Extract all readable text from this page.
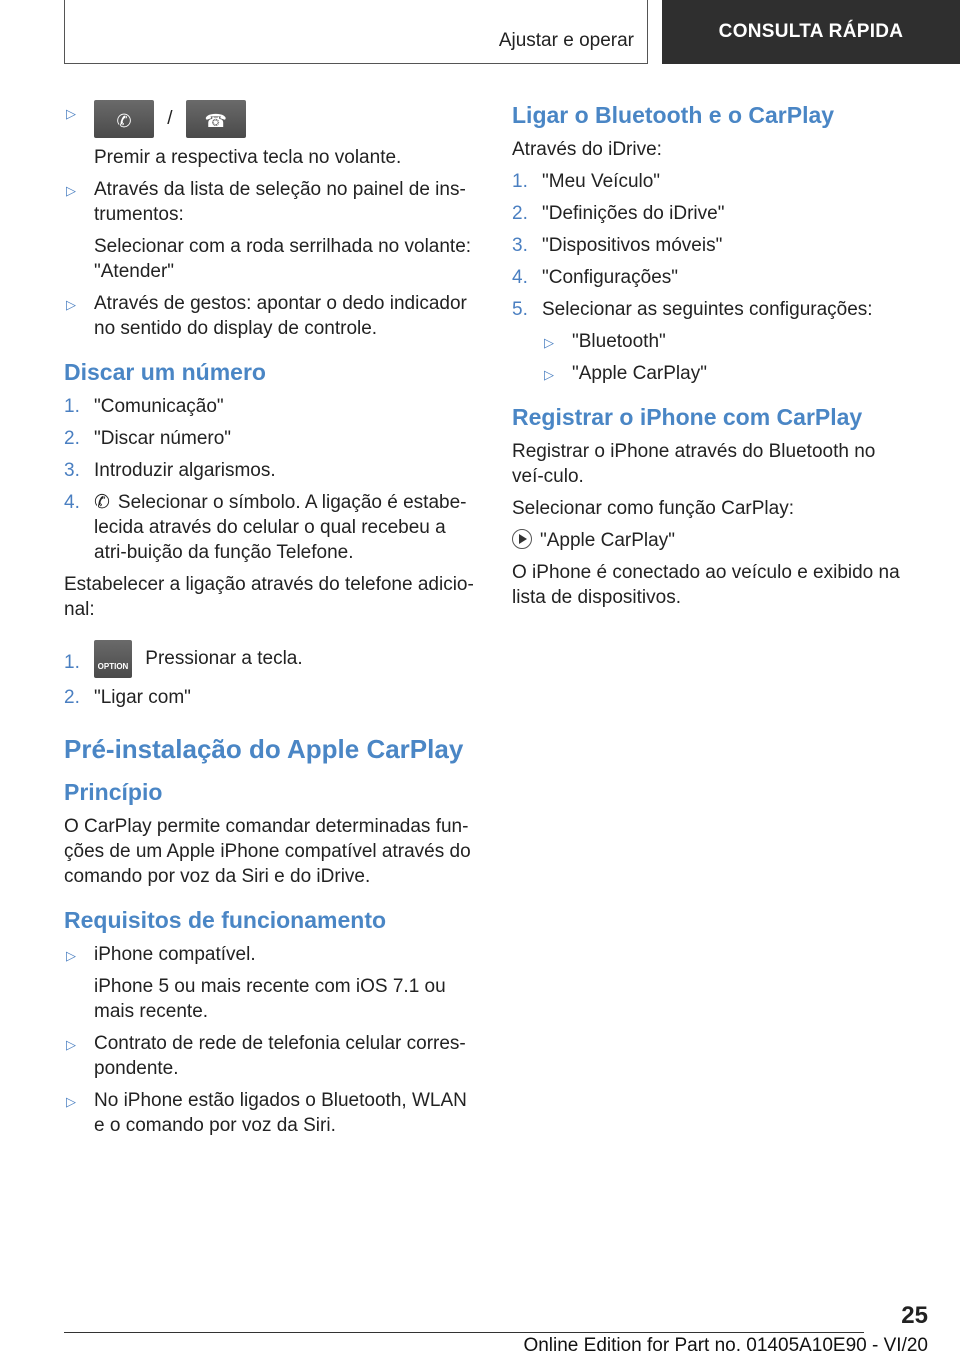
Ajustar e operar	CONSULTA RÁPIDA
▷	✆	/	☎
Premir a respectiva tecla no volante.
▷ Através da lista de seleção no painel de ins-trumentos:
Selecionar com a roda serrilhada no volante: "Atender"
▷ Através de gestos: apontar o dedo indicador no sentido do display de controle.
Discar um número
1. "Comunicação"
2. "Discar número"
3. Introduzir algarismos.
4. ✆ Selecionar o símbolo. A ligação é estabe-lecida através do celular o qual recebeu a atri-buição da função Telefone.
Estabelecer a ligação através do telefone adicio-nal:
1.	OPTION Pressionar a tecla.
2. "Ligar com"
Pré-instalação do Apple CarPlay
Princípio
O CarPlay permite comandar determinadas fun-ções de um Apple iPhone compatível através do comando por voz da Siri e do iDrive.
Requisitos de funcionamento
▷ iPhone compatível.
iPhone 5 ou mais recente com iOS 7.1 ou mais recente.
▷ Contrato de rede de telefonia celular corres-pondente.
▷ No iPhone estão ligados o Bluetooth, WLAN e o comando por voz da Siri.
Ligar o Bluetooth e o CarPlay
Através do iDrive:
1. "Meu Veículo"
2. "Definições do iDrive"
3. "Dispositivos móveis"
4. "Configurações"
5. Selecionar as seguintes configurações:
▷ "Bluetooth"
▷ "Apple CarPlay"
Registrar o iPhone com CarPlay
Registrar o iPhone através do Bluetooth no veí-culo.
Selecionar como função CarPlay:
"Apple CarPlay"
O iPhone é conectado ao veículo e exibido na lista de dispositivos.
25
Online Edition for Part no. 01405A10E90 - VI/20
